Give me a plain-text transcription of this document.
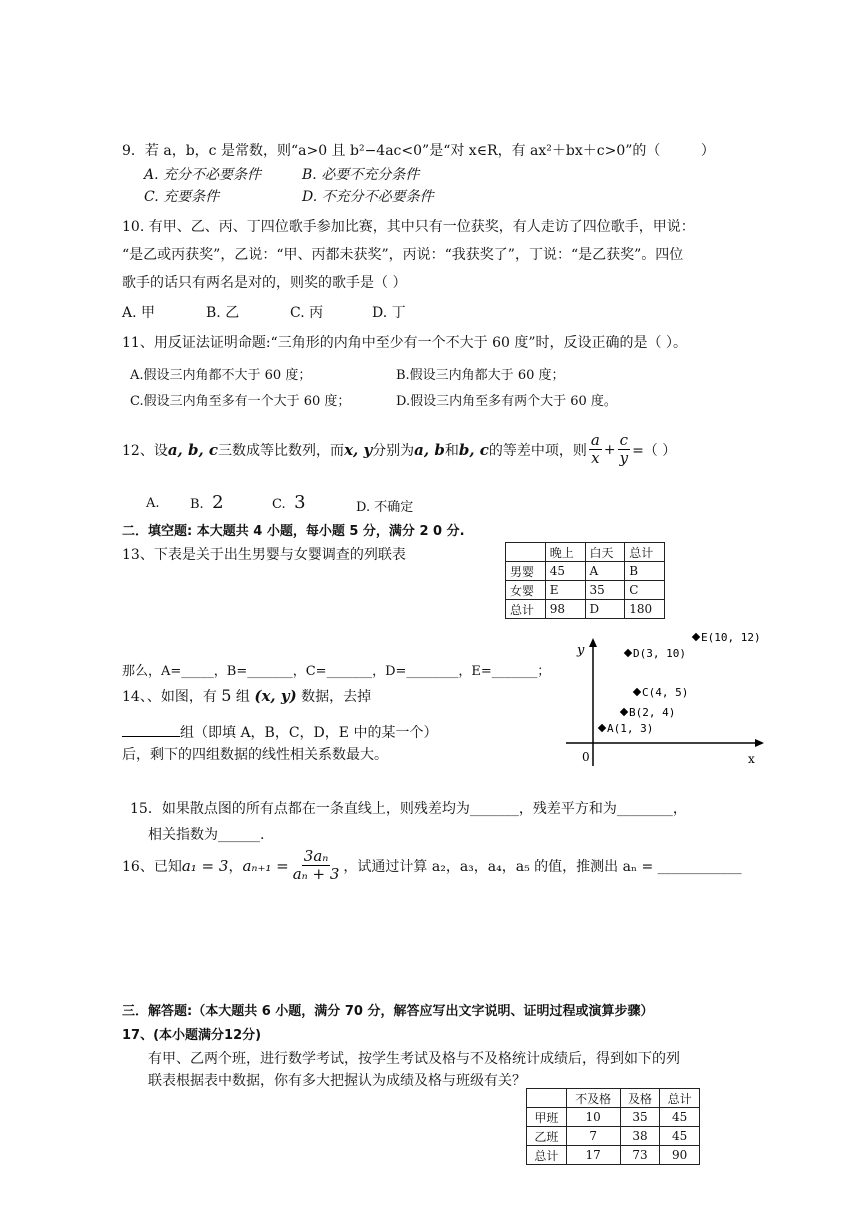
9．若 a，b，c 是常数，则“a>0 且 b²−4ac<0”是“对 x∈R，有 ax²＋bx＋c>0”的（	）
A. 充分不必要条件	B. 必要不充分条件
C. 充要条件	D. 不充分不必要条件
10. 有甲、乙、丙、丁四位歌手参加比赛，其中只有一位获奖，有人走访了四位歌手，甲说：
“是乙或丙获奖”，乙说：“甲、丙都未获奖”，丙说：“我获奖了”，丁说：“是乙获奖”。四位
歌手的话只有两名是对的，则奖的歌手是（ ）
A. 甲	B. 乙	C. 丙	D. 丁
11、用反证法证明命题:“三角形的内角中至少有一个不大于 60 度”时，反设正确的是（ ）。
A.假设三内角都不大于 60 度；	B.假设三内角都大于 60 度；
C.假设三内角至多有一个大于 60 度；	D.假设三内角至多有两个大于 60 度。
12、设 a, b, c 三数成等比数列，而 x, y 分别为 a, b 和 b, c 的等差中项，则 $\frac{a}{x} + \frac{c}{y}$ =（ ）
A. B. 2	C. 3	D. 不确定
二．填空题: 本大题共 4 小题，每小题 5 分，满分 2 0 分.
13、下表是关于出生男婴与女婴调查的列联表
		晚上	白天	总计
男婴	45	A	B
女婴	E	35	C
总计	98	D	180
那么，A=_____，B=_______，C=_______，D=________，E=_______；
14、、如图，有 5 组 (x, y) 数据，去掉
组（即填 A，B，C，D，E 中的某一个）
后，剩下的四组数据的线性相关系数最大。
y
x
0
A(1, 3)
B(2, 4)
C(4, 5)
D(3, 10)
E(10, 12)
15．如果散点图的所有点都在一条直线上，则残差均为_______，残差平方和为________，
相关指数为______.
16、已知 a₁ = 3 ， $a_{n+1} = \frac{\text{3aₙ}}{\text{aₙ + 3}}$ ，试通过计算 a₂，a₃，a₄，a₅ 的值，推测出 aₙ = ____________
三．解答题:（本大题共 6 小题，满分 70 分，解答应写出文字说明、证明过程或演算步骤）
17、(本小题满分12分)
有甲、乙两个班，进行数学考试，按学生考试及格与不及格统计成绩后，得到如下的列
联表根据表中数据，你有多大把握认为成绩及格与班级有关？
	不及格	及格	总计
甲班	10	35	45
乙班	7	38	45
总计	17	73	90
